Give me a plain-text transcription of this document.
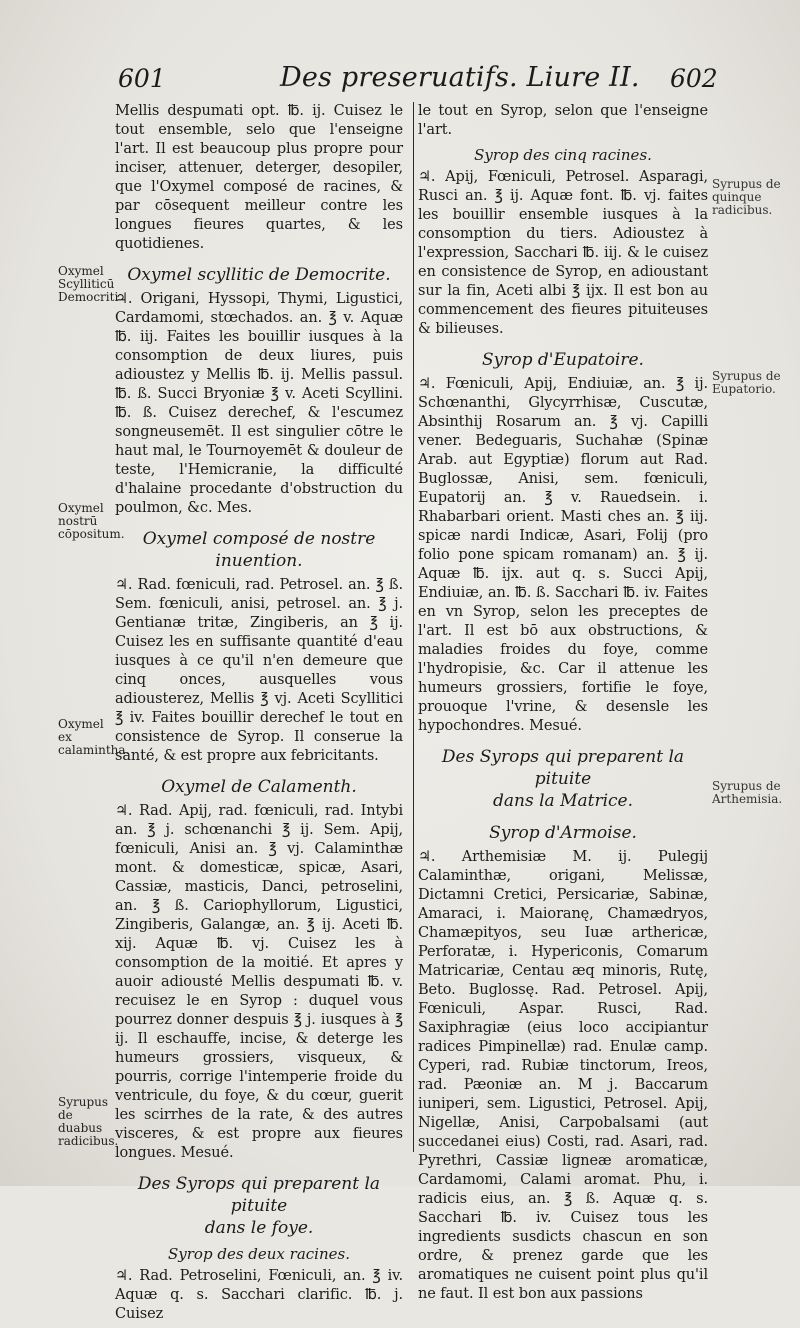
601	Des preseruatifs. Liure II. 602

Mellis despumati opt. ℔. ij. Cuisez le tout ensemble, selo que l'enseigne l'art. Il est beaucoup plus propre pour inciser, attenuer, deterger, desopiler, que l'Oxymel composé de racines, & par cōsequent meilleur contre les longues fieures quartes, & les quotidienes.

Oxymel scyllitic de Democrite.

♃. Origani, Hyssopi, Thymi, Ligustici, Cardamomi, stœchados. an. ℥ v. Aquæ ℔. iij. Faites les bouillir iusques à la consomption de deux liures, puis adioustez y Mellis ℔. ij. Mellis passul. ℔. ß. Succi Bryoniæ ℥ v. Aceti Scyllini. ℔. ß. Cuisez derechef, & l'escumez songneusemēt. Il est singulier cōtre le haut mal, le Tournoyemēt & douleur de teste, l'Hemicranie, la difficulté d'halaine procedante d'obstruction du poulmon, &c. Mes.

Oxymel composé de nostre inuention.

♃. Rad. fœniculi, rad. Petrosel. an. ℥ ß. Sem. fœniculi, anisi, petrosel. an. ℥ j. Gentianæ tritæ, Zingiberis, an ℥ ij. Cuisez les en suffisante quantité d'eau iusques à ce qu'il n'en demeure que cinq onces, ausquelles vous adiousterez, Mellis ℥ vj. Aceti Scyllitici ℥ iv. Faites bouillir derechef le tout en consistence de Syrop. Il conserue la santé, & est propre aux febricitants.

Oxymel de Calamenth.

♃. Rad. Apij, rad. fœniculi, rad. Intybi an. ℥ j. schœnanchi ℥ ij. Sem. Apij, fœniculi, Anisi an. ℥ vj. Calaminthæ mont. & domesticæ, spicæ, Asari, Cassiæ, masticis, Danci, petroselini, an. ℥ ß. Cariophyllorum, Ligustici, Zingiberis, Galangæ, an. ℥ ij. Aceti ℔. xij. Aquæ ℔. vj. Cuisez les à consomption de la moitié. Et apres y auoir adiousté Mellis despumati ℔. v. recuisez le en Syrop : duquel vous pourrez donner despuis ℥ j. iusques à ℥ ij. Il eschauffe, incise, & deterge les humeurs grossiers, visqueux, & pourris, corrige l'intemperie froide du ventricule, du foye, & du cœur, guerit les scirrhes de la rate, & des autres visceres, & est propre aux fieures longues. Mesué.

Des Syrops qui preparent la pituite
dans le foye.
Syrop des deux racines.

♃. Rad. Petroselini, Fœniculi, an. ℥ iv. Aquæ q. s. Sacchari clarific. ℔. j. Cuisez

le tout en Syrop, selon que l'enseigne l'art.

Syrop des cinq racines.

♃. Apij, Fœniculi, Petrosel. Asparagi, Rusci an. ℥ ij. Aquæ font. ℔. vj. faites les bouillir ensemble iusques à la consomption du tiers. Adioustez à l'expression, Sacchari ℔. iij. & le cuisez en consistence de Syrop, en adioustant sur la fin, Aceti albi ℥ ijx. Il est bon au commencement des fieures pituiteuses & bilieuses.

Syrop d'Eupatoire.

♃. Fœniculi, Apij, Endiuiæ, an. ℥ ij. Schœnanthi, Glycyrrhisæ, Cuscutæ, Absinthij Rosarum an. ℥ vj. Capilli vener. Bedeguaris, Suchahæ (Spinæ Arab. aut Egyptiæ) florum aut Rad. Buglossæ, Anisi, sem. fœniculi, Eupatorij an. ℥ v. Rauedsein. i. Rhabarbari orient. Masti ches an. ℥ iij. spicæ nardi Indicæ, Asari, Folij (pro folio pone spicam romanam) an. ℥ ij. Aquæ ℔. ijx. aut q. s. Succi Apij, Endiuiæ, an. ℔. ß. Sacchari ℔. iv. Faites en vn Syrop, selon les preceptes de l'art. Il est bō aux obstructions, & maladies froides du foye, comme l'hydropisie, &c. Car il attenue les humeurs grossiers, fortifie le foye, prouoque l'vrine, & desensle les hypochondres. Mesué.

Des Syrops qui preparent la pituite
dans la Matrice.
Syrop d'Armoise.

♃. Arthemisiæ M. ij. Pulegij Calaminthæ, origani, Melissæ, Dictamni Cretici, Persicariæ, Sabinæ, Amaraci, i. Maioranę, Chamædryos, Chamæpityos, seu Iuæ arthericæ, Perforatæ, i. Hypericonis, Comarum Matricariæ, Centau æq minoris, Rutę, Beto. Buglossę. Rad. Petrosel. Apij, Fœniculi, Aspar. Rusci, Rad. Saxiphragiæ (eius loco accipiantur radices Pimpinellæ) rad. Enulæ camp. Cyperi, rad. Rubiæ tinctorum, Ireos, rad. Pæoniæ an. M j. Baccarum iuniperi, sem. Ligustici, Petrosel. Apij, Nigellæ, Anisi, Carpobalsami (aut succedanei eius) Costi, rad. Asari, rad. Pyrethri, Cassiæ ligneæ aromaticæ, Cardamomi, Calami aromat. Phu, i. radicis eius, an. ℥ ß. Aquæ q. s. Sacchari ℔. iv. Cuisez tous les ingredients susdicts chascun en son ordre, & prenez garde que les aromatiques ne cuisent point plus qu'il ne faut. Il est bon aux passions

Oxymel Scylliticū Democriti
Oxymel nostrū cōpositum.
Oxymel ex calamintha.
Syrupus de duabus radicibus.
Syrupus de quinque radicibus.
Syrupus de Eupatorio.
Syrupus de Arthemisia.
